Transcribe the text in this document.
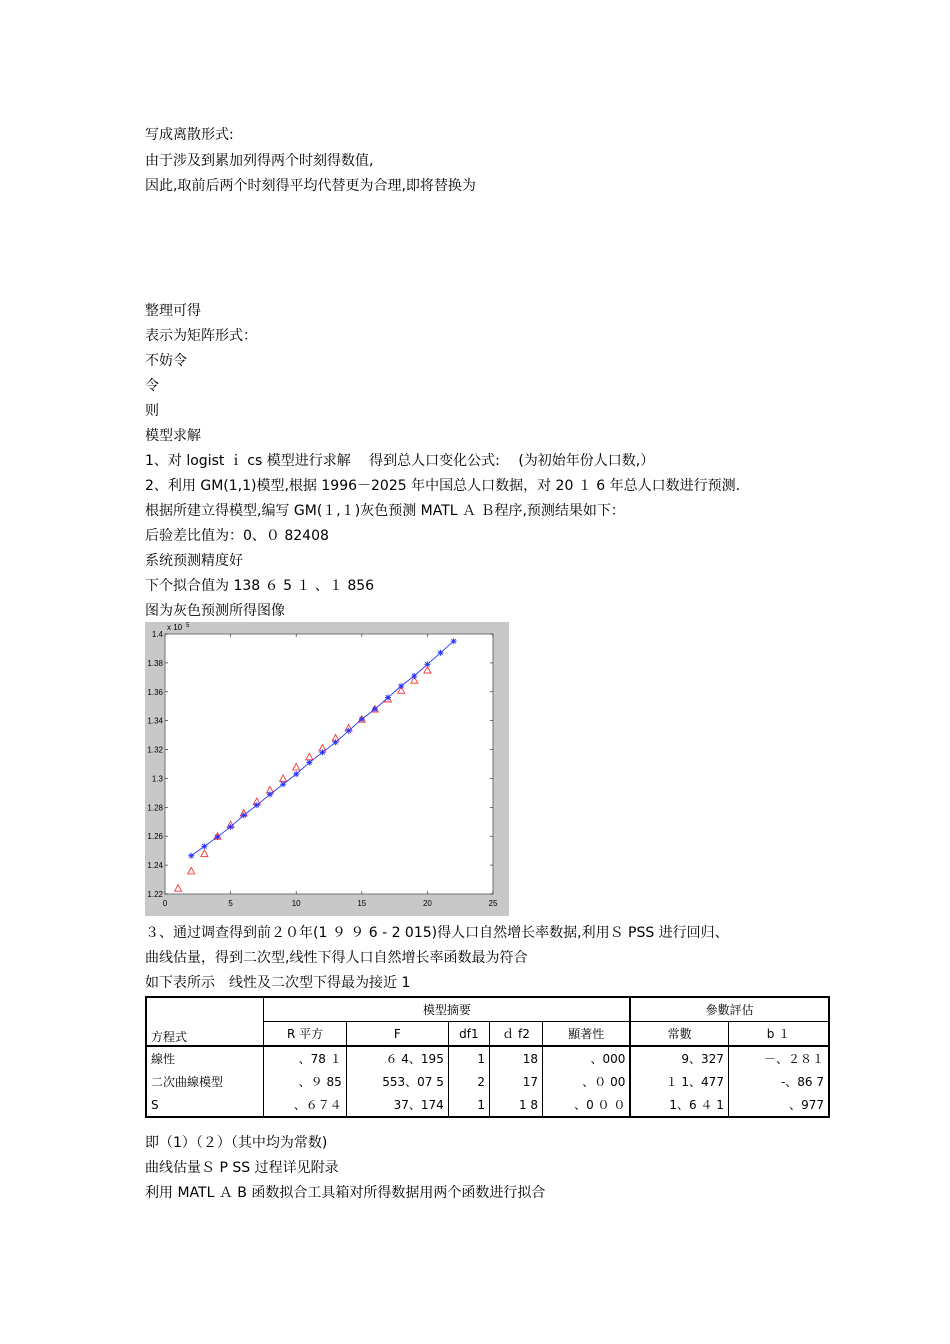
写成离散形式:
由于涉及到累加列得两个时刻得数值,
因此,取前后两个时刻得平均代替更为合理,即将替换为
整理可得
表示为矩阵形式：
不妨令
令
则
模型求解
1、对 logist ｉ cs 模型进行求解　 得到总人口变化公式:　 (为初始年份人口数,）
2、利用 GM(1,1)模型,根据 1996－2025 年中国总人口数据，对 20 １ 6 年总人口数进行预测.
根据所建立得模型,编写 GM(１,１)灰色预测 MATL Ａ Ｂ程序,预测结果如下：
后验差比值为：0、０ 82408
系统预测精度好
下个拟合值为 138 ６ 5 １ 、１ 856
图为灰色预测所得图像
x 10 5
0	5	10	15	20	25
1.22
1.24
1.26
1.28
1.3
1.32
1.34
1.36
1.38
1.4
３、通过调查得到前２０年(1 ９ ９ 6 - 2 015)得人口自然增长率数据,利用Ｓ PSS 进行回归、
曲线估量，得到二次型,线性下得人口自然增长率函数最为符合
如下表所示　线性及二次型下得最为接近 1
方程式	模型摘要					參數評估	
	R 平方	F	df1	ｄ f2	顯著性	常數	b １
線性	、78 １	６ 4、195	1	18	、000	9、327	－、２８１
二次曲線模型	、９ 85	553、07 5	2	17	、０ 00	１ 1、477	-、86 7
S	、６７４	37、174	1	1 8	、0 ０ ０	1、6 ４ 1	、977
即（1）（２）（其中均为常数)
曲线估量Ｓ P SS 过程详见附录
利用 MATL Ａ B 函数拟合工具箱对所得数据用两个函数进行拟合
